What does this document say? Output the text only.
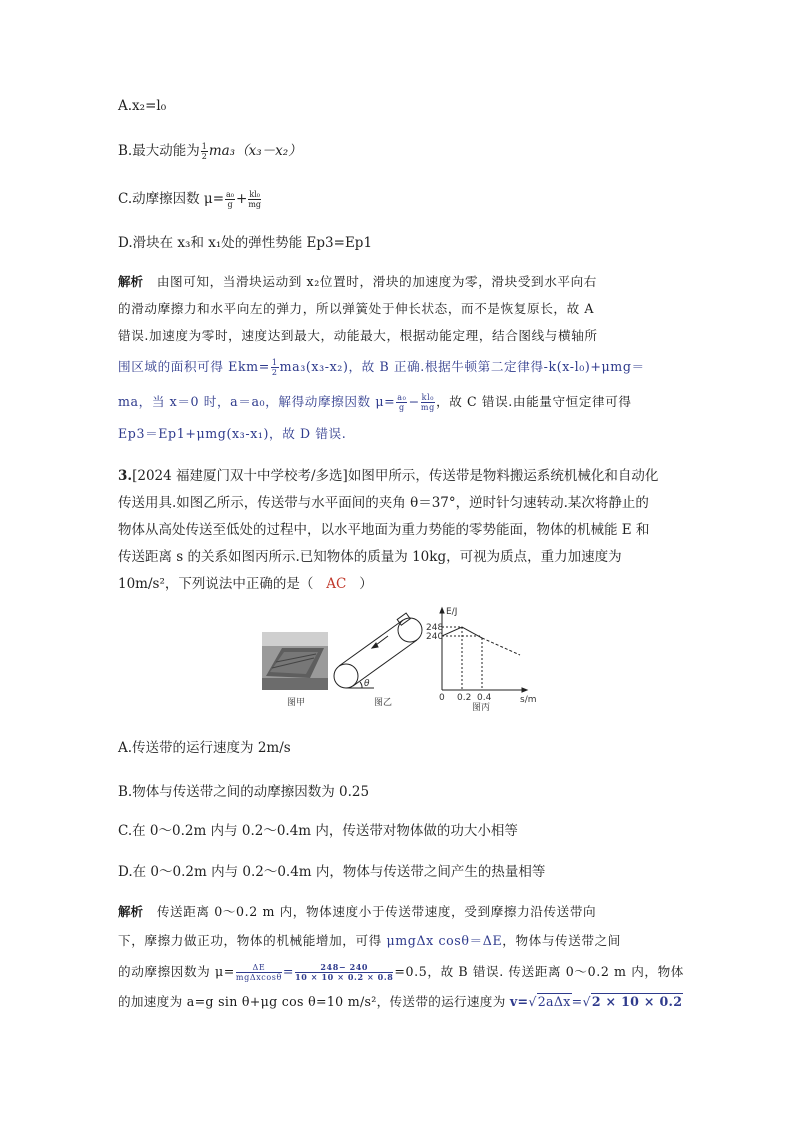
A.x₂=l₀
B.最大动能为 $\frac{1}{2} ma_3(x_3-x_2)$
C.动摩擦因数 $\mu= \frac{\text{a₀}}{g} + \frac{\text{kl₀}}{mg}$
D.滑块在 x₃和 x₁处的弹性势能 Ep3=Ep1
解析 由图可知，当滑块运动到 x₂位置时，滑块的加速度为零，滑块受到水平向右
的滑动摩擦力和水平向左的弹力，所以弹簧处于伸长状态，而不是恢复原长，故 A
错误.加速度为零时，速度达到最大，动能最大，根据动能定理，结合图线与横轴所
围区域的面积可得 $Ekm= \frac{1}{2} ma_3(x_3-x_2)$，故 B 正确.根据牛顿第二定律得-k(x-l₀)+μmg＝
ma，当 x＝0 时，a＝a₀，解得动摩擦因数 $\mu= \frac{\text{a₀}}{g} - \frac{\text{kl₀}}{mg}$ ，故 C 错误.由能量守恒定律可得
Ep3＝Ep1+μmg(x₃-x₁)，故 D 错误.
3.[2024 福建厦门双十中学校考/多选]如图甲所示，传送带是物料搬运系统机械化和自动化
传送用具.如图乙所示，传送带与水平面间的夹角 θ＝37°，逆时针匀速转动.某次将静止的
物体从高处传送至低处的过程中，以水平地面为重力势能的零势能面，物体的机械能 E 和
传送距离 s 的关系如图丙所示.已知物体的质量为 10kg，可视为质点，重力加速度为
10m/s²，下列说法中正确的是（ AC ）
图甲
θ
图乙
E/J
s/m
248
240
0 0.2 0.4
图丙
A.传送带的运行速度为 2m/s
B.物体与传送带之间的动摩擦因数为 0.25
C.在 0～0.2m 内与 0.2～0.4m 内，传送带对物体做的功大小相等
D.在 0～0.2m 内与 0.2～0.4m 内，物体与传送带之间产生的热量相等
解析 传送距离 0～0.2 m 内，物体速度小于传送带速度，受到摩擦力沿传送带向
下，摩擦力做正功，物体的机械能增加，可得 μmgΔx cosθ＝ΔE，物体与传送带之间
的动摩擦因数为 $\mu= \frac{\Delta E}{\text{mgΔxcosθ}} = \frac{248- 240}{10 \times 10 \times 0.2 \times 0.8} =0.5$，故 B 错误. 传送距离 0～0.2 m 内，物体
的加速度为 a=g sin θ+μg cos θ=10 m/s²，传送带的运行速度为 v=√2aΔx=√2 × 10 × 0.2
